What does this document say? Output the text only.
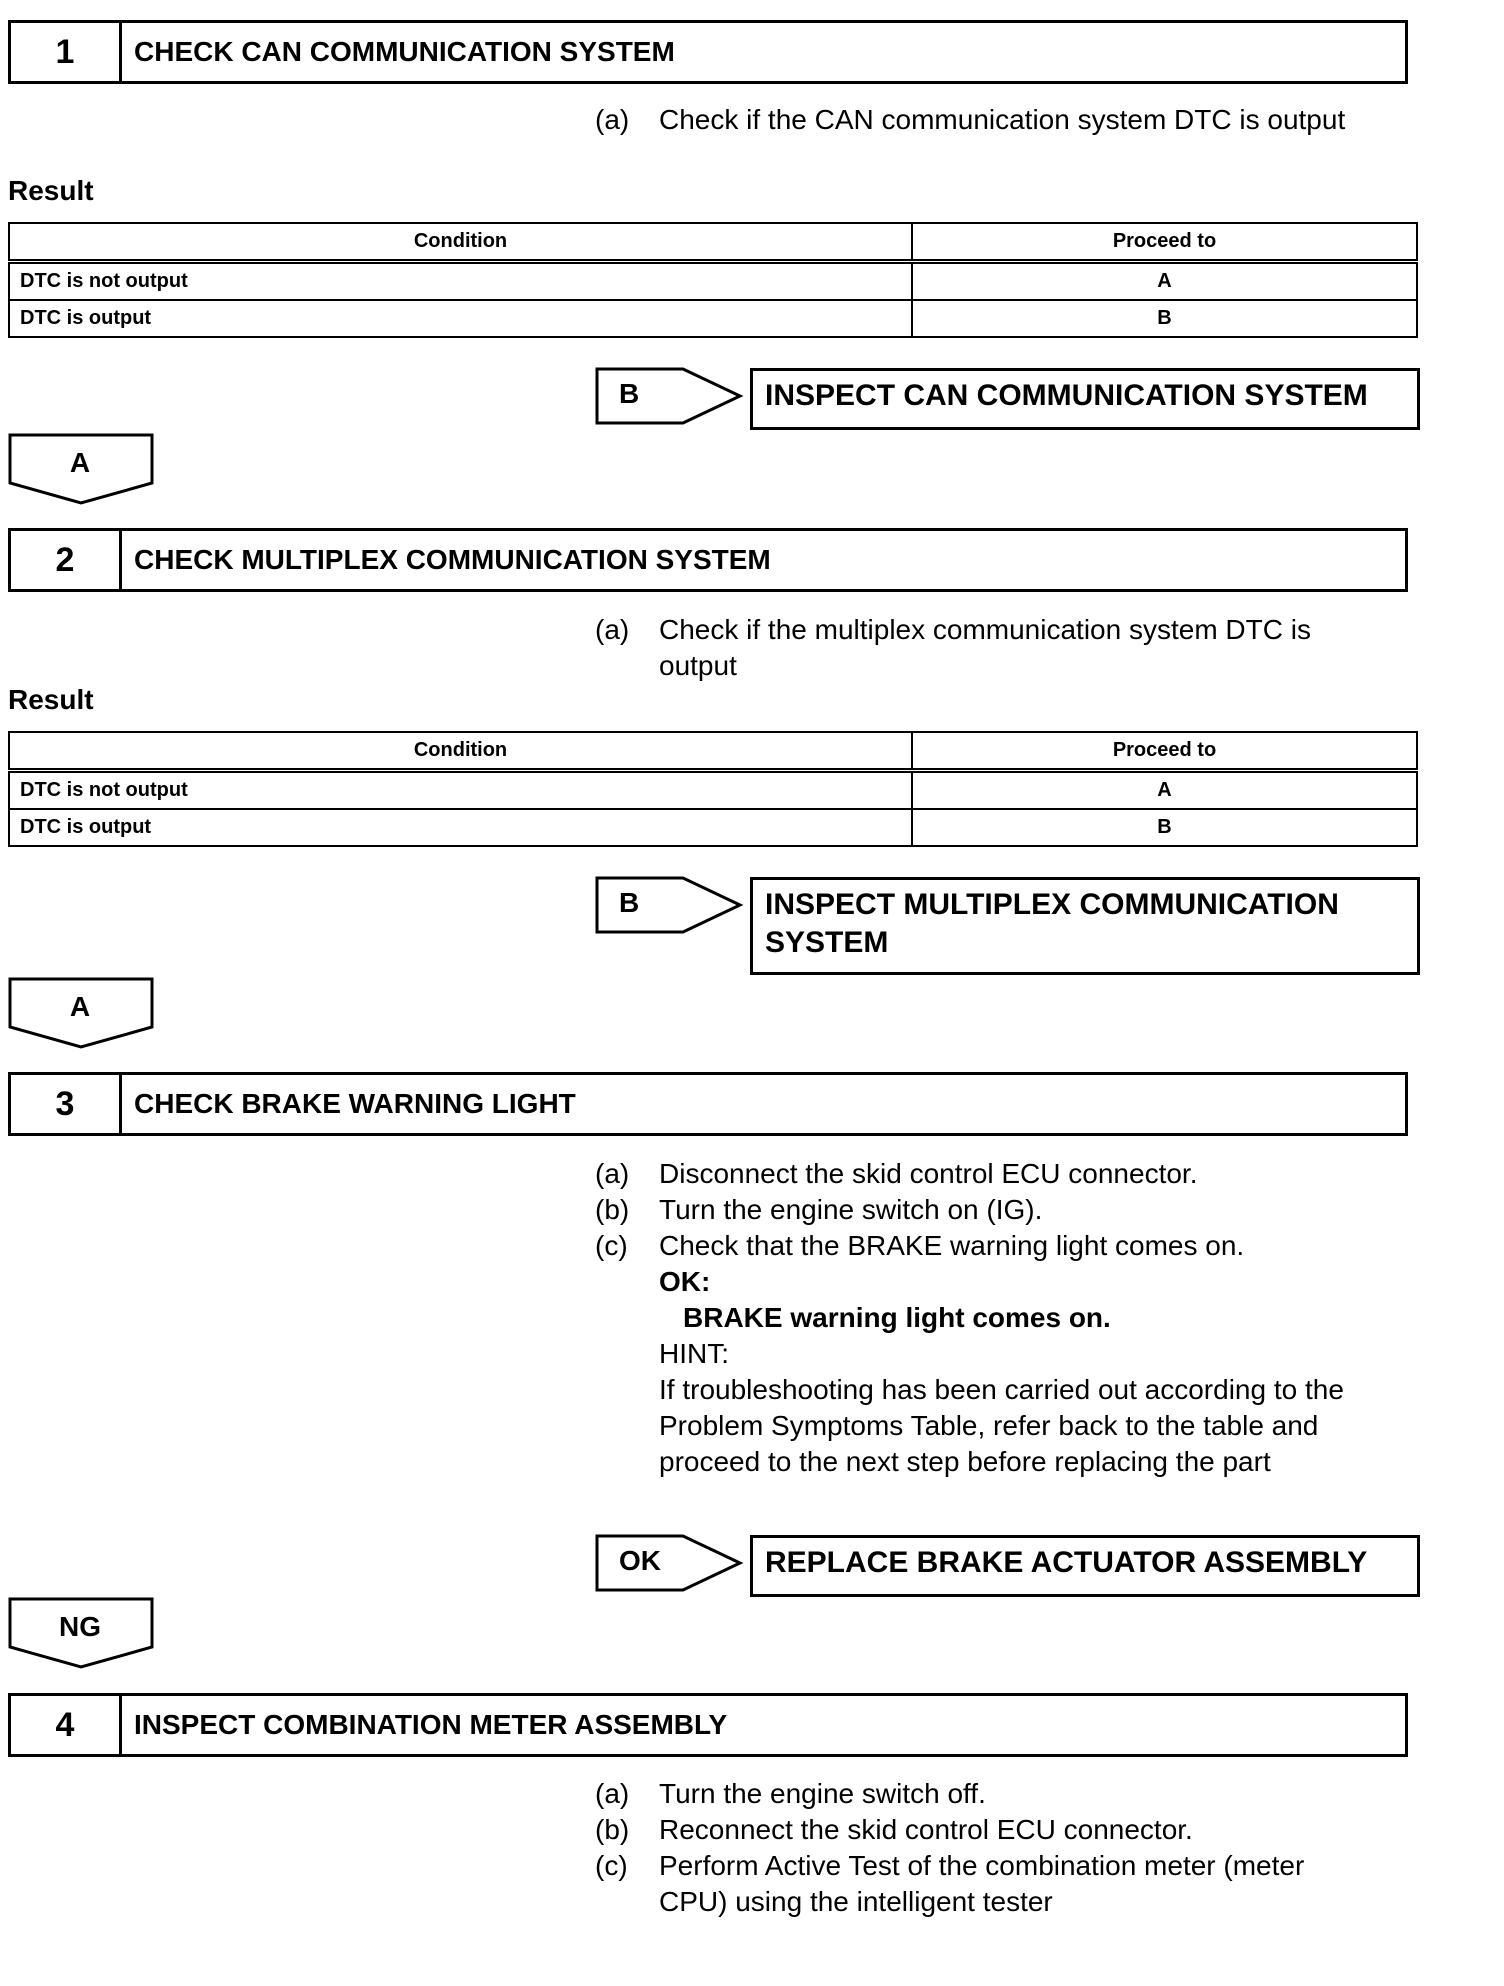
1	CHECK CAN COMMUNICATION SYSTEM
(a)	Check if the CAN communication system DTC is output
Result
Condition	Proceed to
DTC is not output	A
DTC is output	B
B	INSPECT CAN COMMUNICATION SYSTEM
A
2	CHECK MULTIPLEX COMMUNICATION SYSTEM
(a)	Check if the multiplex communication system DTC is
output
Result
Condition	Proceed to
DTC is not output	A
DTC is output	B
B	INSPECT MULTIPLEX COMMUNICATION
SYSTEM
A
3	CHECK BRAKE WARNING LIGHT
(a)	Disconnect the skid control ECU connector.
(b)	Turn the engine switch on (IG).
(c)	Check that the BRAKE warning light comes on.
OK:
BRAKE warning light comes on.
HINT:
If troubleshooting has been carried out according to the
Problem Symptoms Table, refer back to the table and
proceed to the next step before replacing the part
OK	REPLACE BRAKE ACTUATOR ASSEMBLY
NG
4	INSPECT COMBINATION METER ASSEMBLY
(a)	Turn the engine switch off.
(b)	Reconnect the skid control ECU connector.
(c)	Perform Active Test of the combination meter (meter
CPU) using the intelligent tester
